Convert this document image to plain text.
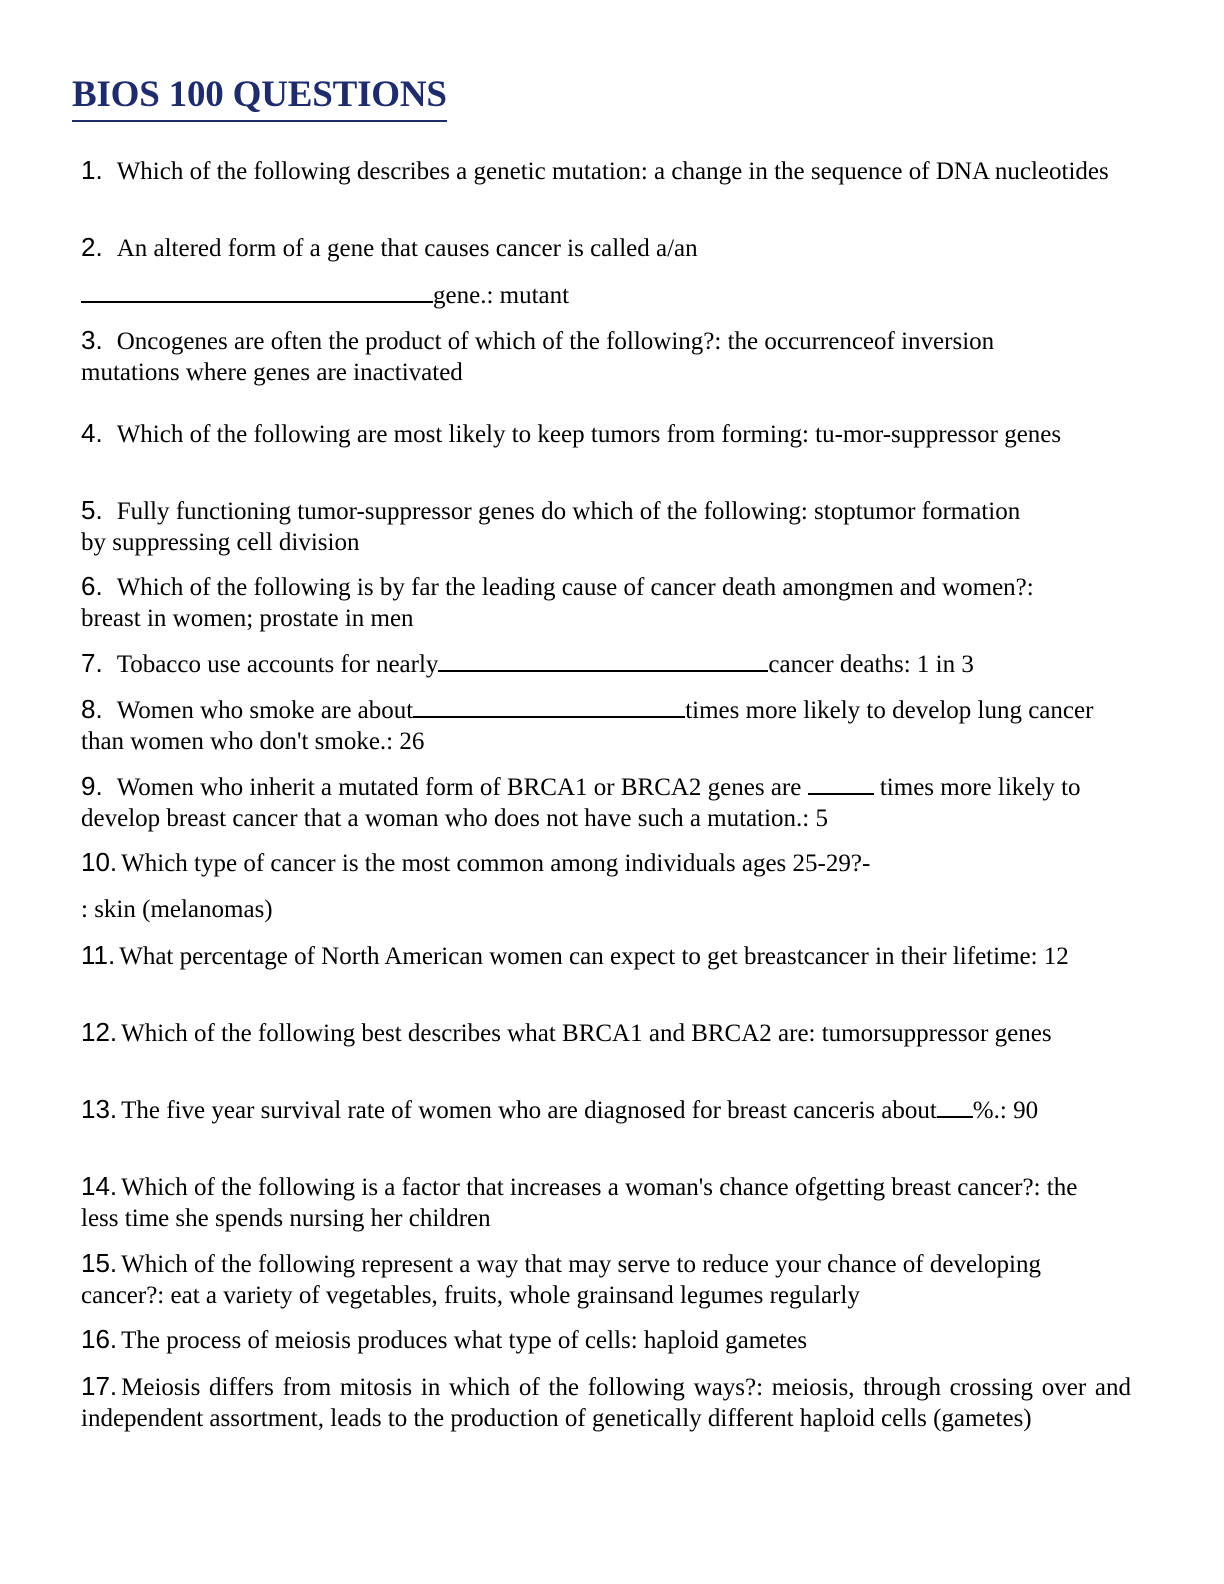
BIOS 100 QUESTIONS

1. Which of the following describes a genetic mutation: a change in the sequence of DNA nucleotides

2. An altered form of a gene that causes cancer is called a/an

gene.: mutant

3. Oncogenes are often the product of which of the following?: the occurrenceof inversion mutations where genes are inactivated

4. Which of the following are most likely to keep tumors from forming: tu-mor-suppressor genes

5. Fully functioning tumor-suppressor genes do which of the following: stoptumor formation by suppressing cell division

6. Which of the following is by far the leading cause of cancer death amongmen and women?: breast in women; prostate in men

7. Tobacco use accounts for nearly	cancer deaths: 1 in 3

8. Women who smoke are about	times more likely to develop lung cancer than women who don't smoke.: 26

9. Women who inherit a mutated form of BRCA1 or BRCA2 genes are	times more likely to develop breast cancer that a woman who does not have such a mutation.: 5

10. Which type of cancer is the most common among individuals ages 25-29?-

: skin (melanomas)

11. What percentage of North American women can expect to get breastcancer in their lifetime: 12

12. Which of the following best describes what BRCA1 and BRCA2 are: tumorsuppressor genes

13. The five year survival rate of women who are diagnosed for breast canceris about %.: 90

14. Which of the following is a factor that increases a woman's chance ofgetting breast cancer?: the less time she spends nursing her children

15. Which of the following represent a way that may serve to reduce your chance of developing cancer?: eat a variety of vegetables, fruits, whole grainsand legumes regularly

16. The process of meiosis produces what type of cells: haploid gametes

17. Meiosis differs from mitosis in which of the following ways?: meiosis, through crossing over and independent assortment, leads to the production of genetically different haploid cells (gametes)
